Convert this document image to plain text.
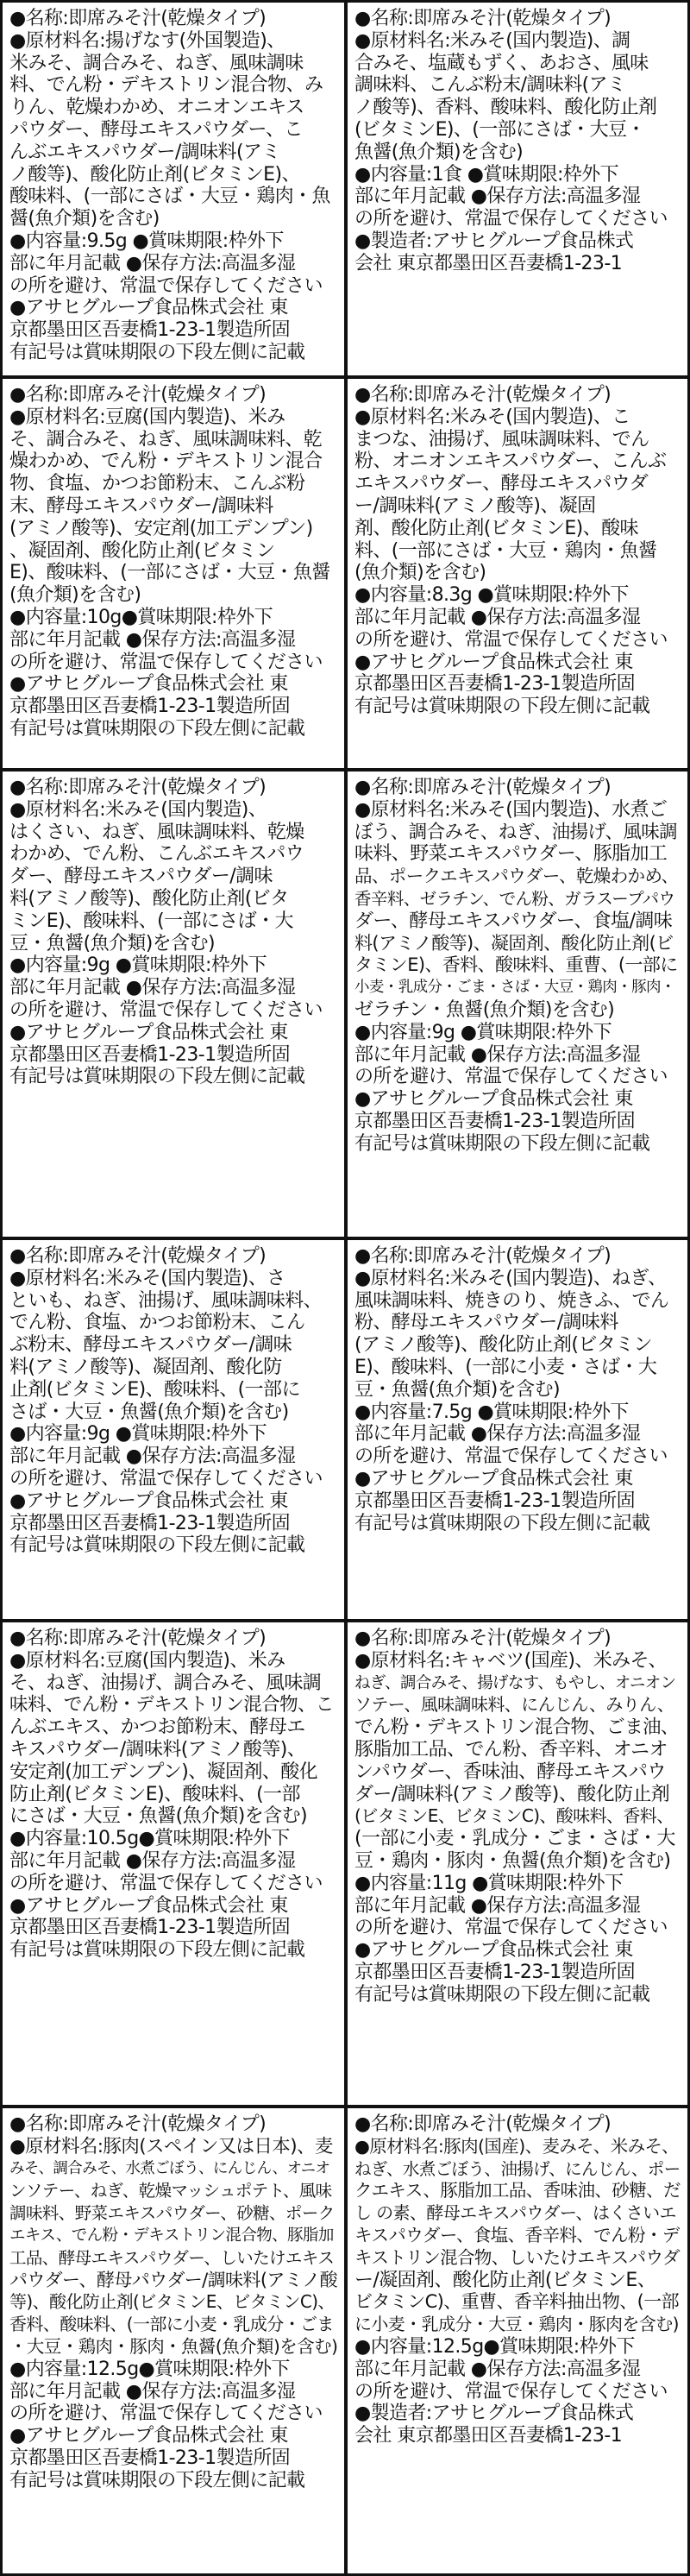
●名称:即席みそ汁(乾燥タイプ)
●原材料名:揚げなす(外国製造)、
米みそ、調合みそ、ねぎ、風味調味
料、でん粉・デキストリン混合物、み
りん、乾燥わかめ、オニオンエキス
パウダー、酵母エキスパウダー、こ
んぶエキスパウダー/調味料(アミ
ノ酸等)、酸化防止剤(ビタミンE)、
酸味料、(一部にさば・大豆・鶏肉・魚
醤(魚介類)を含む)
●内容量:9.5g ●賞味期限:枠外下
部に年月記載 ●保存方法:高温多湿
の所を避け、常温で保存してください
●アサヒグループ食品株式会社 東
京都墨田区吾妻橋1-23-1製造所固
有記号は賞味期限の下段左側に記載
●名称:即席みそ汁(乾燥タイプ)
●原材料名:米みそ(国内製造)、調
合みそ、塩蔵もずく、あおさ、風味
調味料、こんぶ粉末/調味料(アミ
ノ酸等)、香料、酸味料、酸化防止剤
(ビタミンE)、(一部にさば・大豆・
魚醤(魚介類)を含む)
●内容量:1食 ●賞味期限:枠外下
部に年月記載 ●保存方法:高温多湿
の所を避け、常温で保存してください
●製造者:アサヒグループ食品株式
会社 東京都墨田区吾妻橋1-23-1
●名称:即席みそ汁(乾燥タイプ)
●原材料名:豆腐(国内製造)、米み
そ、調合みそ、ねぎ、風味調味料、乾
燥わかめ、でん粉・デキストリン混合
物、食塩、かつお節粉末、こんぶ粉
末、酵母エキスパウダー/調味料
(アミノ酸等)、安定剤(加工デンプン)
、凝固剤、酸化防止剤(ビタミン
E)、酸味料、(一部にさば・大豆・魚醤
(魚介類)を含む)
●内容量:10g●賞味期限:枠外下
部に年月記載 ●保存方法:高温多湿
の所を避け、常温で保存してください
●アサヒグループ食品株式会社 東
京都墨田区吾妻橋1-23-1製造所固
有記号は賞味期限の下段左側に記載
●名称:即席みそ汁(乾燥タイプ)
●原材料名:米みそ(国内製造)、こ
まつな、油揚げ、風味調味料、でん
粉、オニオンエキスパウダー、こんぶ
エキスパウダー、酵母エキスパウダ
ー/調味料(アミノ酸等)、凝固
剤、酸化防止剤(ビタミンE)、酸味
料、(一部にさば・大豆・鶏肉・魚醤
(魚介類)を含む)
●内容量:8.3g ●賞味期限:枠外下
部に年月記載 ●保存方法:高温多湿
の所を避け、常温で保存してください
●アサヒグループ食品株式会社 東
京都墨田区吾妻橋1-23-1製造所固
有記号は賞味期限の下段左側に記載
●名称:即席みそ汁(乾燥タイプ)
●原材料名:米みそ(国内製造)、
はくさい、ねぎ、風味調味料、乾燥
わかめ、でん粉、こんぶエキスパウ
ダー、酵母エキスパウダー/調味
料(アミノ酸等)、酸化防止剤(ビタ
ミンE)、酸味料、(一部にさば・大
豆・魚醤(魚介類)を含む)
●内容量:9g ●賞味期限:枠外下
部に年月記載 ●保存方法:高温多湿
の所を避け、常温で保存してください
●アサヒグループ食品株式会社 東
京都墨田区吾妻橋1-23-1製造所固
有記号は賞味期限の下段左側に記載
●名称:即席みそ汁(乾燥タイプ)
●原材料名:米みそ(国内製造)、水煮ご
ぼう、調合みそ、ねぎ、油揚げ、風味調
味料、野菜エキスパウダー、豚脂加工
品、ポークエキスパウダー、乾燥わかめ、
香辛料、ゼラチン、でん粉、ガラスープパウ
ダー、酵母エキスパウダー、食塩/調味
料(アミノ酸等)、凝固剤、酸化防止剤(ビ
タミンE)、香料、酸味料、重曹、(一部に
小麦・乳成分・ごま・さば・大豆・鶏肉・豚肉・
ゼラチン・魚醤(魚介類)を含む)
●内容量:9g ●賞味期限:枠外下
部に年月記載 ●保存方法:高温多湿
の所を避け、常温で保存してください
●アサヒグループ食品株式会社 東
京都墨田区吾妻橋1-23-1製造所固
有記号は賞味期限の下段左側に記載
●名称:即席みそ汁(乾燥タイプ)
●原材料名:米みそ(国内製造)、さ
といも、ねぎ、油揚げ、風味調味料、
でん粉、食塩、かつお節粉末、こん
ぶ粉末、酵母エキスパウダー/調味
料(アミノ酸等)、凝固剤、酸化防
止剤(ビタミンE)、酸味料、(一部に
さば・大豆・魚醤(魚介類)を含む)
●内容量:9g ●賞味期限:枠外下
部に年月記載 ●保存方法:高温多湿
の所を避け、常温で保存してください
●アサヒグループ食品株式会社 東
京都墨田区吾妻橋1-23-1製造所固
有記号は賞味期限の下段左側に記載
●名称:即席みそ汁(乾燥タイプ)
●原材料名:米みそ(国内製造)、ねぎ、
風味調味料、焼きのり、焼きふ、でん
粉、酵母エキスパウダー/調味料
(アミノ酸等)、酸化防止剤(ビタミン
E)、酸味料、(一部に小麦・さば・大
豆・魚醤(魚介類)を含む)
●内容量:7.5g ●賞味期限:枠外下
部に年月記載 ●保存方法:高温多湿
の所を避け、常温で保存してください
●アサヒグループ食品株式会社 東
京都墨田区吾妻橋1-23-1製造所固
有記号は賞味期限の下段左側に記載
●名称:即席みそ汁(乾燥タイプ)
●原材料名:豆腐(国内製造)、米み
そ、ねぎ、油揚げ、調合みそ、風味調
味料、でん粉・デキストリン混合物、こ
んぶエキス、かつお節粉末、酵母エ
キスパウダー/調味料(アミノ酸等)、
安定剤(加工デンプン)、凝固剤、酸化
防止剤(ビタミンE)、酸味料、(一部
にさば・大豆・魚醤(魚介類)を含む)
●内容量:10.5g●賞味期限:枠外下
部に年月記載 ●保存方法:高温多湿
の所を避け、常温で保存してください
●アサヒグループ食品株式会社 東
京都墨田区吾妻橋1-23-1製造所固
有記号は賞味期限の下段左側に記載
●名称:即席みそ汁(乾燥タイプ)
●原材料名:キャベツ(国産)、米みそ、
ねぎ、調合みそ、揚げなす、もやし、オニオン
ソテー、風味調味料、にんじん、みりん、
でん粉・デキストリン混合物、ごま油、
豚脂加工品、でん粉、香辛料、オニオ
ンパウダー、香味油、酵母エキスパウ
ダー/調味料(アミノ酸等)、酸化防止剤
(ビタミンE、ビタミンC)、酸味料、香料、
(一部に小麦・乳成分・ごま・さば・大
豆・鶏肉・豚肉・魚醤(魚介類)を含む)
●内容量:11g ●賞味期限:枠外下
部に年月記載 ●保存方法:高温多湿
の所を避け、常温で保存してください
●アサヒグループ食品株式会社 東
京都墨田区吾妻橋1-23-1製造所固
有記号は賞味期限の下段左側に記載
●名称:即席みそ汁(乾燥タイプ)
●原材料名:豚肉(スペイン又は日本)、麦
みそ、調合みそ、水煮ごぼう、にんじん、オニオ
ンソテー、ねぎ、乾燥マッシュポテト、風味
調味料、野菜エキスパウダー、砂糖、ポーク
エキス、でん粉・デキストリン混合物、豚脂加
工品、酵母エキスパウダー、しいたけエキス
パウダー、酵母パウダー/調味料(アミノ酸
等)、酸化防止剤(ビタミンE、ビタミンC)、
香料、酸味料、(一部に小麦・乳成分・ごま
・大豆・鶏肉・豚肉・魚醤(魚介類)を含む)
●内容量:12.5g●賞味期限:枠外下
部に年月記載 ●保存方法:高温多湿
の所を避け、常温で保存してください
●アサヒグループ食品株式会社 東
京都墨田区吾妻橋1-23-1製造所固
有記号は賞味期限の下段左側に記載
●名称:即席みそ汁(乾燥タイプ)
●原材料名:豚肉(国産)、麦みそ、米みそ、
ねぎ、水煮ごぼう、油揚げ、にんじん、ポー
クエキス、豚脂加工品、香味油、砂糖、だ
し の素、酵母エキスパウダー、はくさいエ
キスパウダー、食塩、香辛料、でん粉・デ
キストリン混合物、しいたけエキスパウダ
ー/凝固剤、酸化防止剤(ビタミンE、
ビタミンC)、重曹、香辛料抽出物、(一部
に小麦・乳成分・大豆・鶏肉・豚肉を含む)
●内容量:12.5g●賞味期限:枠外下
部に年月記載 ●保存方法:高温多湿
の所を避け、常温で保存してください
●製造者:アサヒグループ食品株式
会社 東京都墨田区吾妻橋1-23-1
